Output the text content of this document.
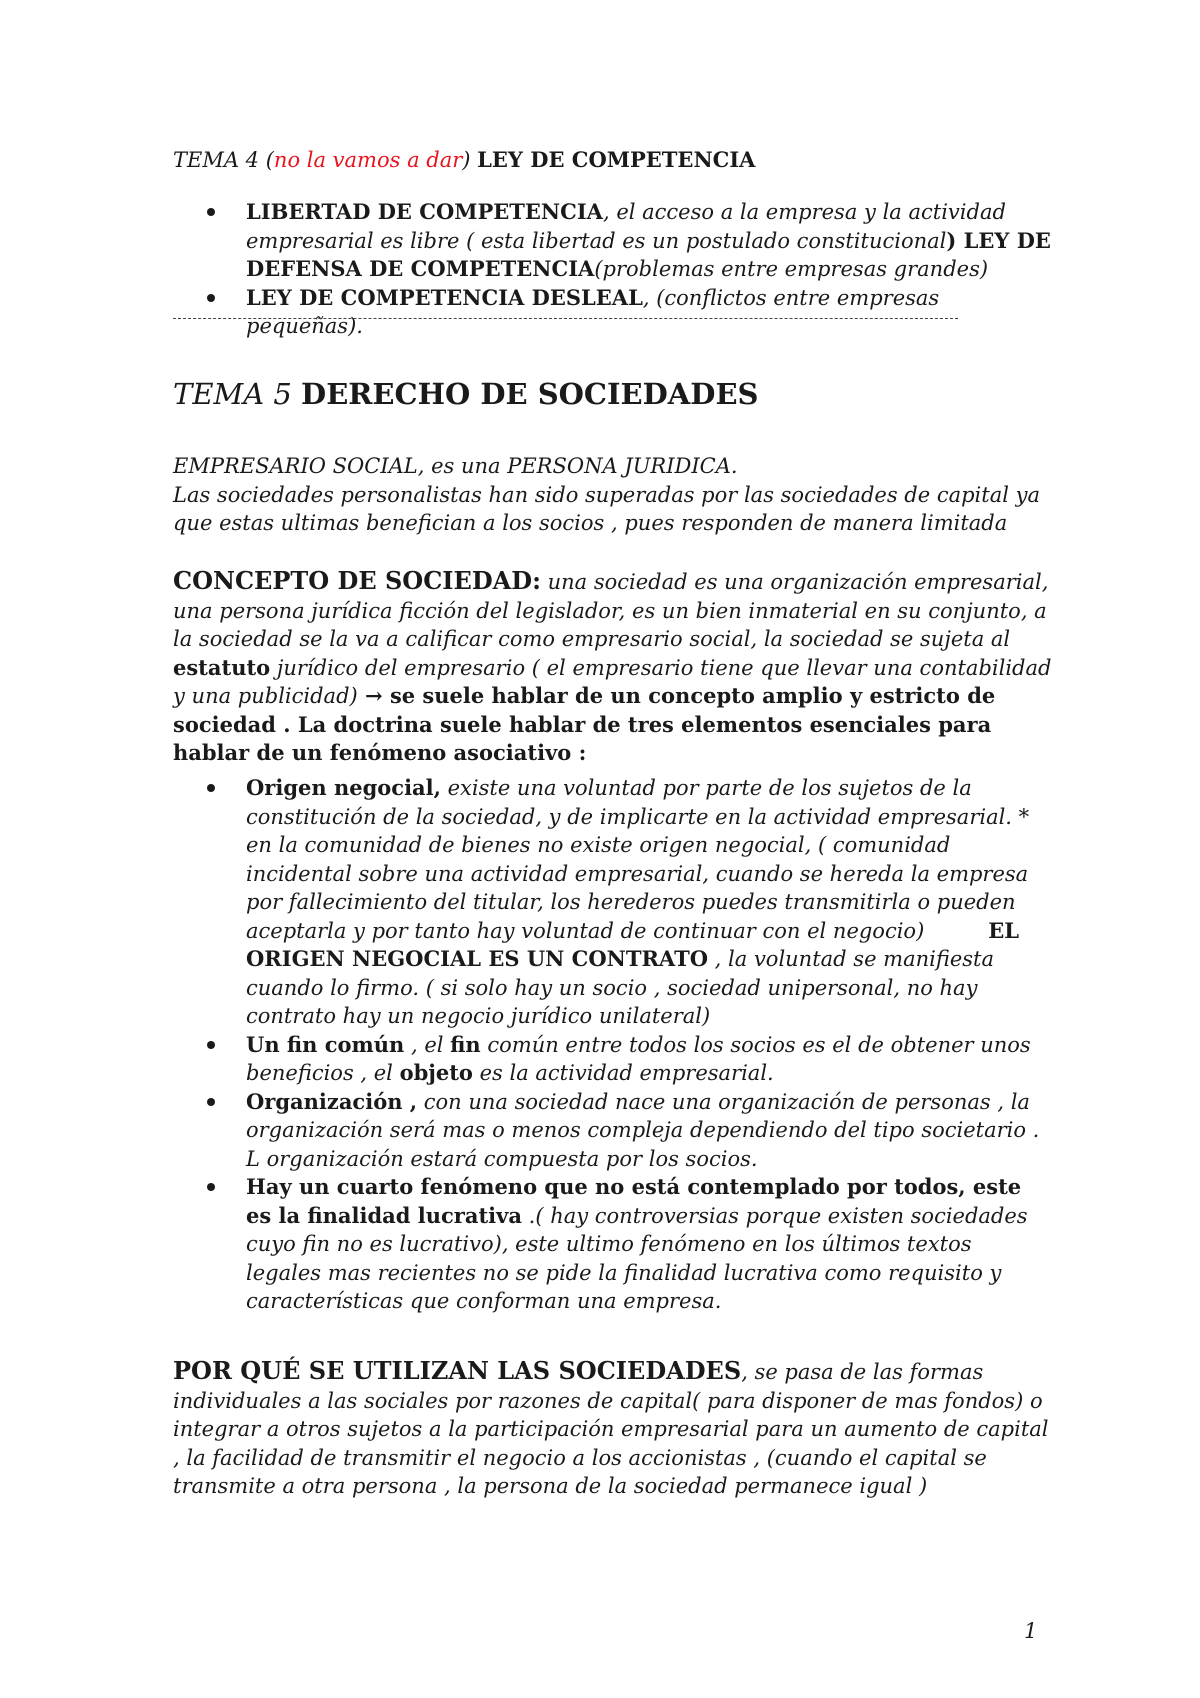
TEMA 4 (no la vamos a dar) LEY DE COMPETENCIA
LIBERTAD DE COMPETENCIA, el acceso a la empresa y la actividad empresarial es libre ( esta libertad es un postulado constitucional) LEY DE DEFENSA DE COMPETENCIA(problemas entre empresas grandes)
LEY DE COMPETENCIA DESLEAL, (conflictos entre empresas pequeñas).
TEMA 5 DERECHO DE SOCIEDADES
EMPRESARIO SOCIAL, es una PERSONA JURIDICA.
Las sociedades personalistas han sido superadas por las sociedades de capital ya que estas ultimas benefician a los socios , pues responden de manera limitada
CONCEPTO DE SOCIEDAD: una sociedad es una organización empresarial, una persona jurídica ficción del legislador, es un bien inmaterial en su conjunto, a la sociedad se la va a calificar como empresario social, la sociedad se sujeta al estatuto jurídico del empresario ( el empresario tiene que llevar una contabilidad y una publicidad) → se suele hablar de un concepto amplio y estricto de sociedad . La doctrina suele hablar de tres elementos esenciales para hablar de un fenómeno asociativo :
Origen negocial, existe una voluntad por parte de los sujetos de la constitución de la sociedad, y de implicarte en la actividad empresarial. * en la comunidad de bienes no existe origen negocial, ( comunidad incidental sobre una actividad empresarial, cuando se hereda la empresa por fallecimiento del titular, los herederos puedes transmitirla o pueden aceptarla y por tanto hay voluntad de continuar con el negocio)	EL ORIGEN NEGOCIAL ES UN CONTRATO , la voluntad se manifiesta cuando lo firmo. ( si solo hay un socio , sociedad unipersonal, no hay contrato hay un negocio jurídico unilateral)
Un fin común , el fin común entre todos los socios es el de obtener unos beneficios , el objeto es la actividad empresarial.
Organización , con una sociedad nace una organización de personas , la organización será mas o menos compleja dependiendo del tipo societario . L organización estará compuesta por los socios.
Hay un cuarto fenómeno que no está contemplado por todos, este es la finalidad lucrativa .( hay controversias porque existen sociedades cuyo fin no es lucrativo), este ultimo fenómeno en los últimos textos legales mas recientes no se pide la finalidad lucrativa como requisito y características que conforman una empresa.
POR QUÉ SE UTILIZAN LAS SOCIEDADES, se pasa de las formas individuales a las sociales por razones de capital( para disponer de mas fondos) o integrar a otros sujetos a la participación empresarial para un aumento de capital , la facilidad de transmitir el negocio a los accionistas , (cuando el capital se transmite a otra persona , la persona de la sociedad permanece igual )
1
